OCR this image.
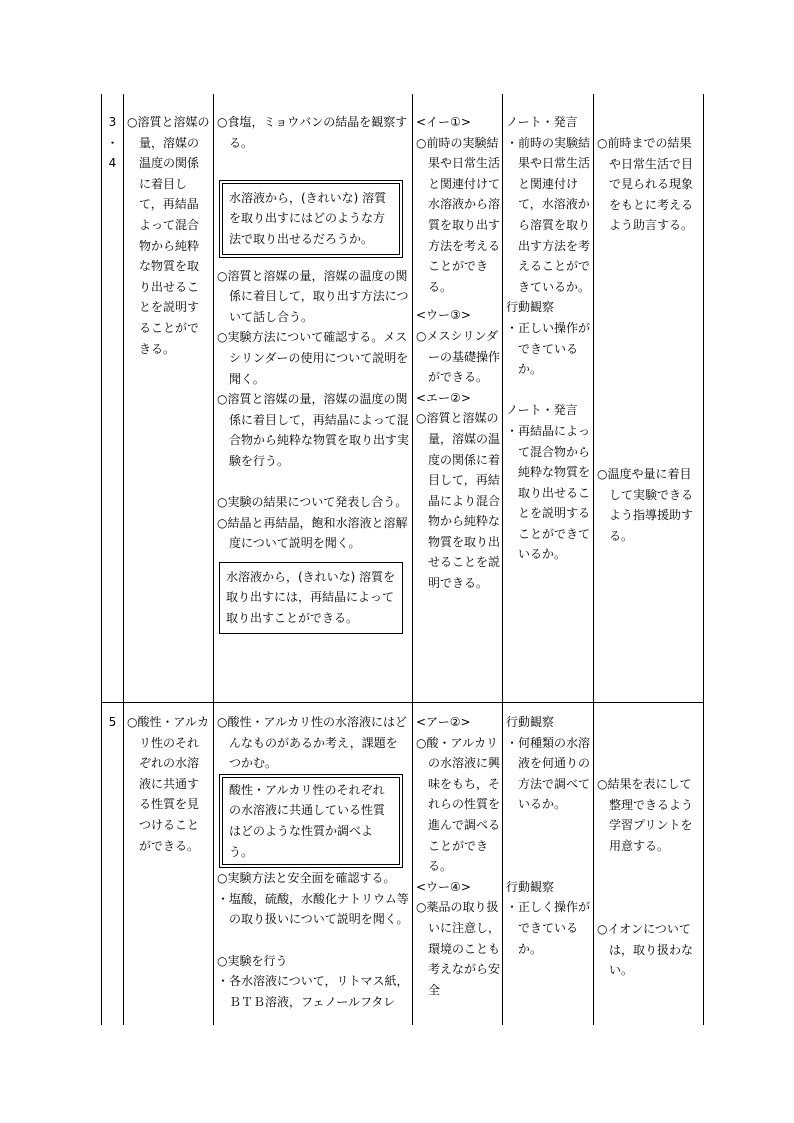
3
・
4

○溶質と溶媒の量，溶媒の温度の関係に着目して，再結晶よって混合物から純粋な物質を取り出せることを説明することができる。

○食塩，ミョウバンの結晶を観察する。

水溶液から，(きれいな) 溶質を取り出すにはどのような方法で取り出せるだろうか。

○溶質と溶媒の量，溶媒の温度の関係に着目して，取り出す方法について話し合う。

○実験方法について確認する。メスシリンダーの使用について説明を聞く。

○溶質と溶媒の量，溶媒の温度の関係に着目して，再結晶によって混合物から純粋な物質を取り出す実験を行う。

○実験の結果について発表し合う。

○結晶と再結晶，飽和水溶液と溶解度について説明を聞く。

水溶液から，(きれいな) 溶質を取り出すには，再結晶によって取り出すことができる。

<イー①>

○前時の実験結果や日常生活と関連付けて水溶液から溶質を取り出す方法を考えることができる。

<ウー③>

○メスシリンダーの基礎操作ができる。

<エー②>

○溶質と溶媒の量，溶媒の温度の関係に着目して，再結晶により混合物から純粋な物質を取り出せることを説明できる。

ノート・発言

・前時の実験結果や日常生活と関連付けて，水溶液から溶質を取り出す方法を考えることができているか。

行動観察

・正しい操作ができているか。

ノート・発言

・再結晶によって混合物から純粋な物質を取り出せることを説明することができているか。

○前時までの結果や日常生活で目で見られる現象をもとに考えるよう助言する。

○温度や量に着目して実験できるよう指導援助する。

5 ○酸性・アルカリ性のそれぞれの水溶液に共通する性質を見つけることができる。

○酸性・アルカリ性の水溶液にはどんなものがあるか考え，課題をつかむ。

酸性・アルカリ性のそれぞれの水溶液に共通している性質はどのような性質か調べよう。

○実験方法と安全面を確認する。

・塩酸，硫酸，水酸化ナトリウム等の取り扱いについて説明を聞く。

○実験を行う

・各水溶液について，リトマス紙，ＢＴＢ溶液，フェノールフタレ

<アー②>

○酸・アルカリの水溶液に興味をもち，それらの性質を進んで調べることができる。

<ウー④>

○薬品の取り扱いに注意し，環境のことも考えながら安全

行動観察

・何種類の水溶液を何通りの方法で調べているか。

行動観察

・正しく操作ができているか。

○結果を表にして整理できるよう学習プリントを用意する。

○イオンについては，取り扱わない。
